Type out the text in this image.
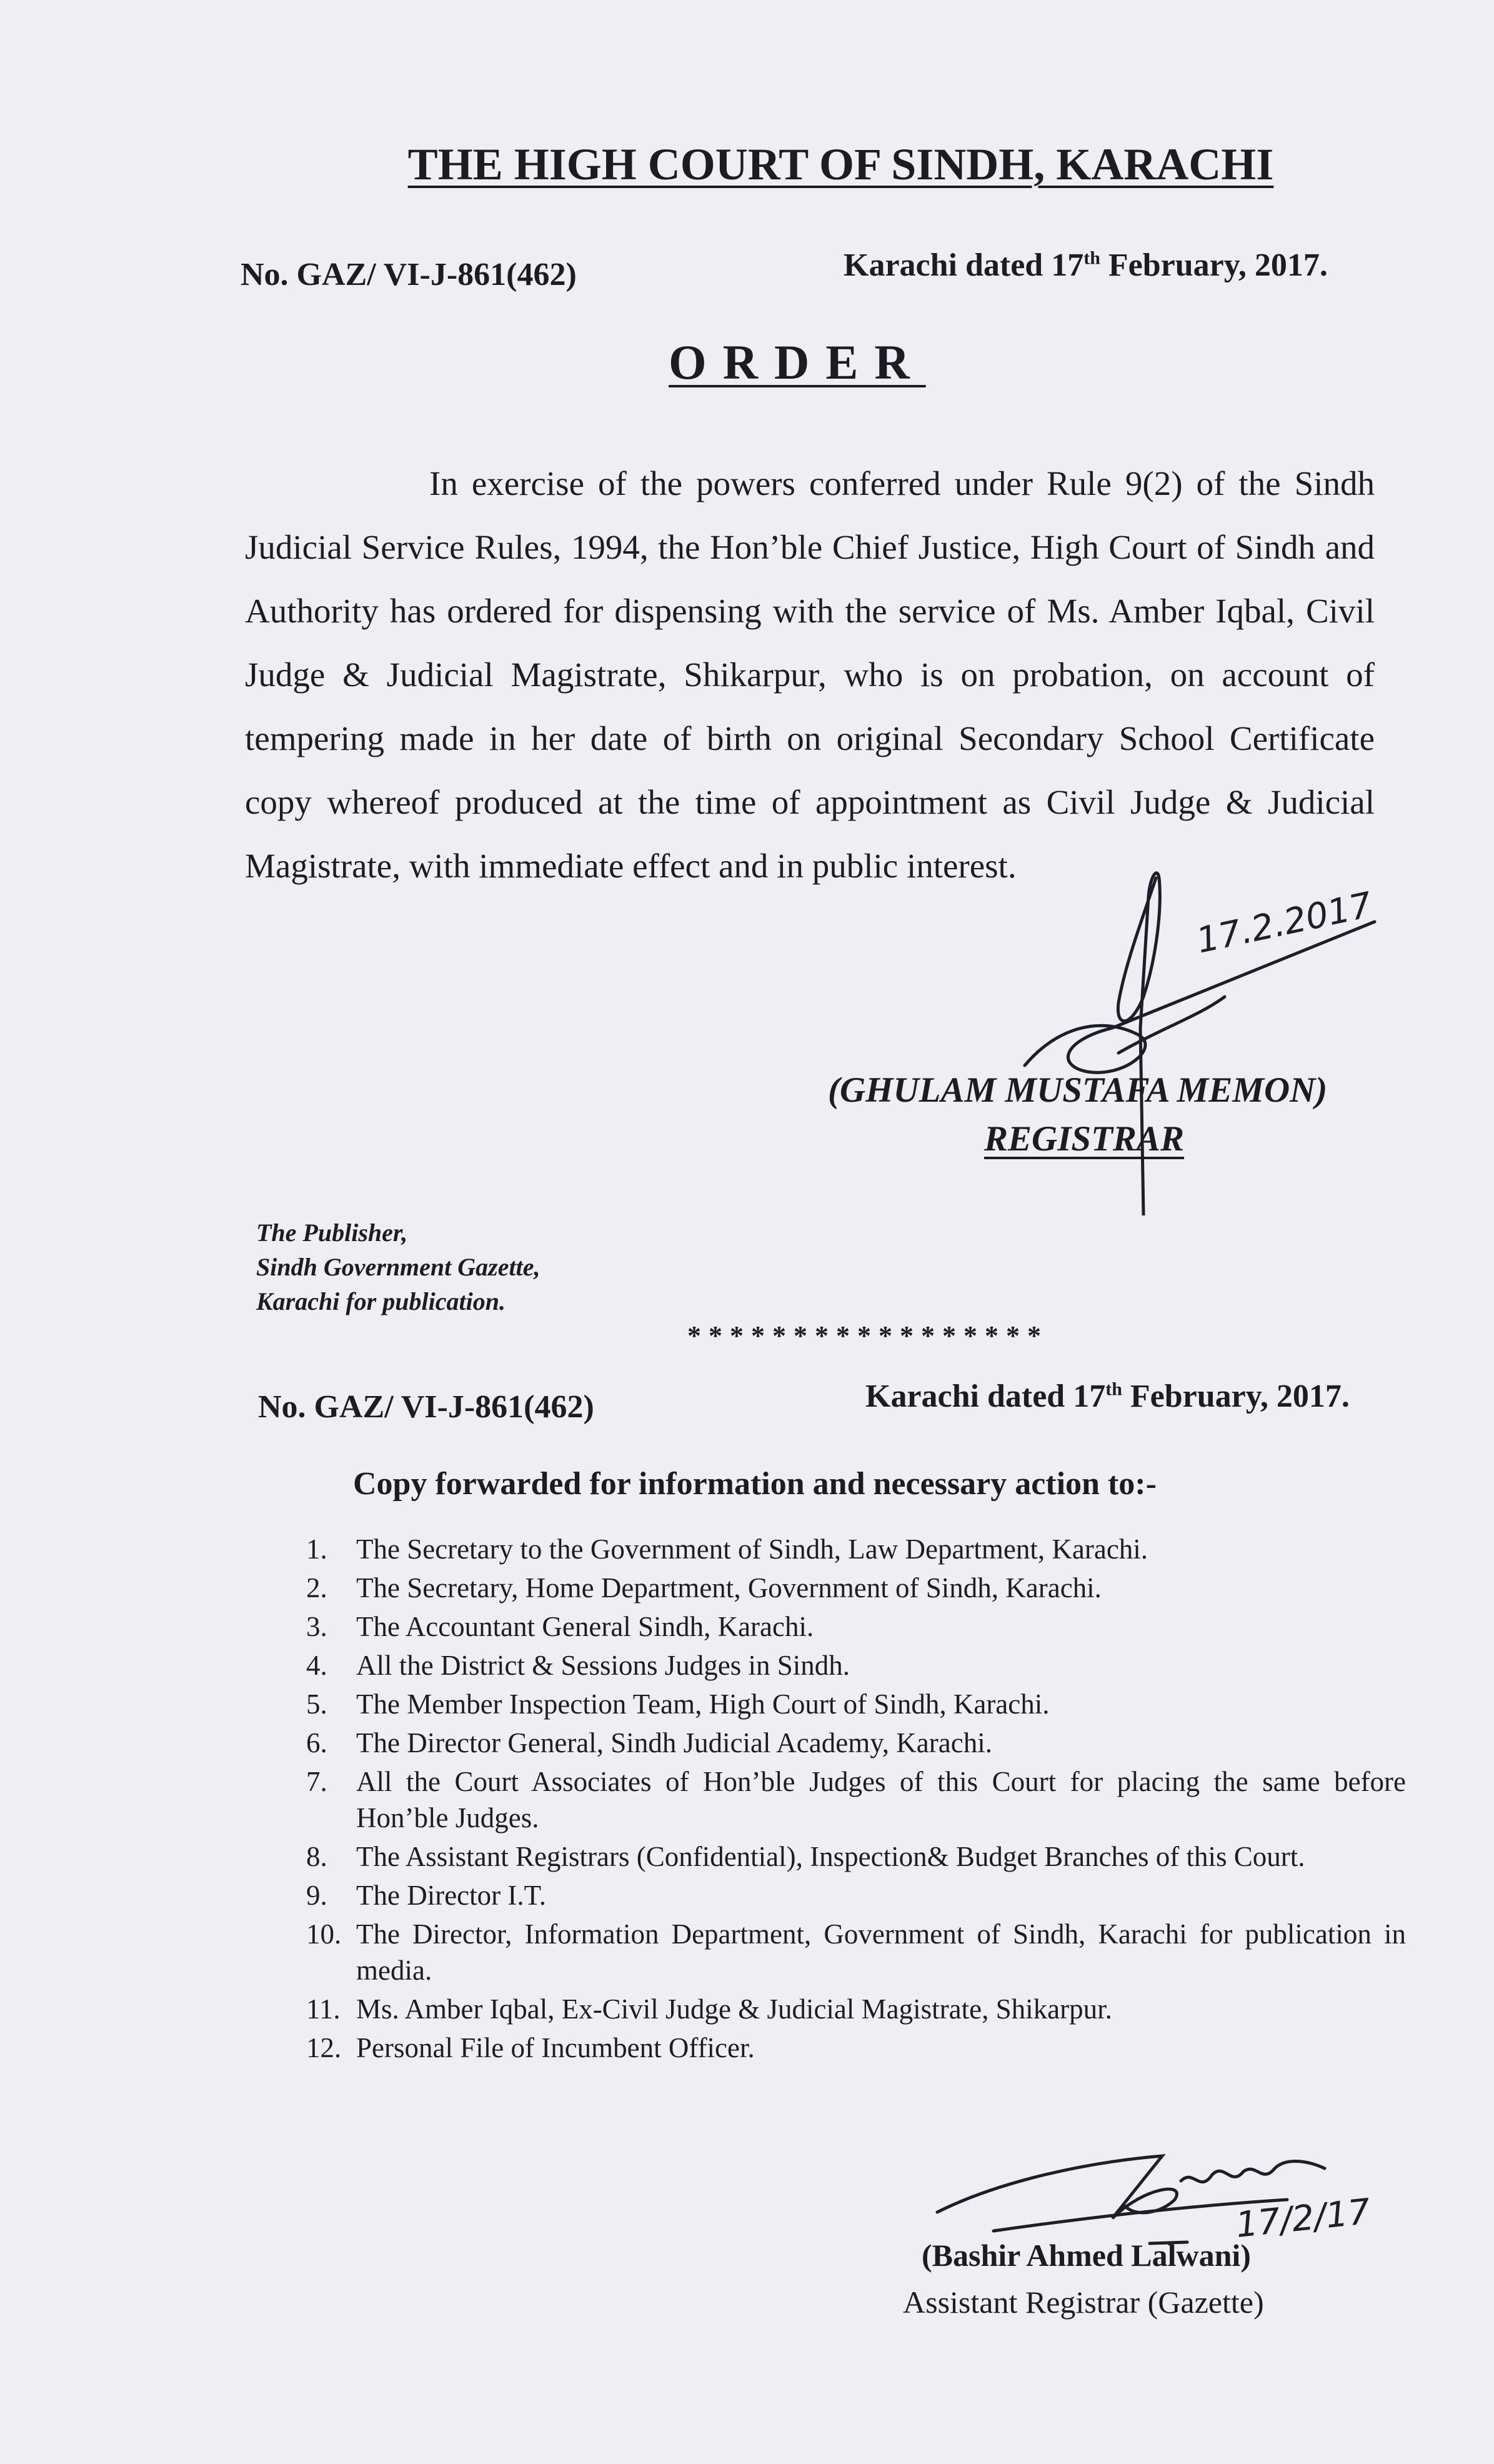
THE HIGH COURT OF SINDH, KARACHI
No. GAZ/ VI-J-861(462)	Karachi dated 17th February, 2017.
ORDER

In exercise of the powers conferred under Rule 9(2) of the Sindh Judicial Service Rules, 1994, the Hon’ble Chief Justice, High Court of Sindh and Authority has ordered for dispensing with the service of Ms. Amber Iqbal, Civil Judge & Judicial Magistrate, Shikarpur, who is on probation, on account of tempering made in her date of birth on original Secondary School Certificate copy whereof produced at the time of appointment as Civil Judge & Judicial Magistrate, with immediate effect and in public interest.

17.2.2017
(GHULAM MUSTAFA MEMON)
REGISTRAR
The Publisher,
Sindh Government Gazette,
Karachi for publication.
*****************
No. GAZ/ VI-J-861(462)	Karachi dated 17th February, 2017.
Copy forwarded for information and necessary action to:-
1.	The Secretary to the Government of Sindh, Law Department, Karachi.
2.	The Secretary, Home Department, Government of Sindh, Karachi.
3.	The Accountant General Sindh, Karachi.
4.	All the District & Sessions Judges in Sindh.
5.	The Member Inspection Team, High Court of Sindh, Karachi.
6.	The Director General, Sindh Judicial Academy, Karachi.
7.	All the Court Associates of Hon’ble Judges of this Court for placing the same before Hon’ble Judges.
8.	The Assistant Registrars (Confidential), Inspection& Budget Branches of this Court.
9.	The Director I.T.
10. The Director, Information Department, Government of Sindh, Karachi for publication in media.
11. Ms. Amber Iqbal, Ex-Civil Judge & Judicial Magistrate, Shikarpur.
12. Personal File of Incumbent Officer.
17/2/17
(Bashir Ahmed Lalwani)
Assistant Registrar (Gazette)
